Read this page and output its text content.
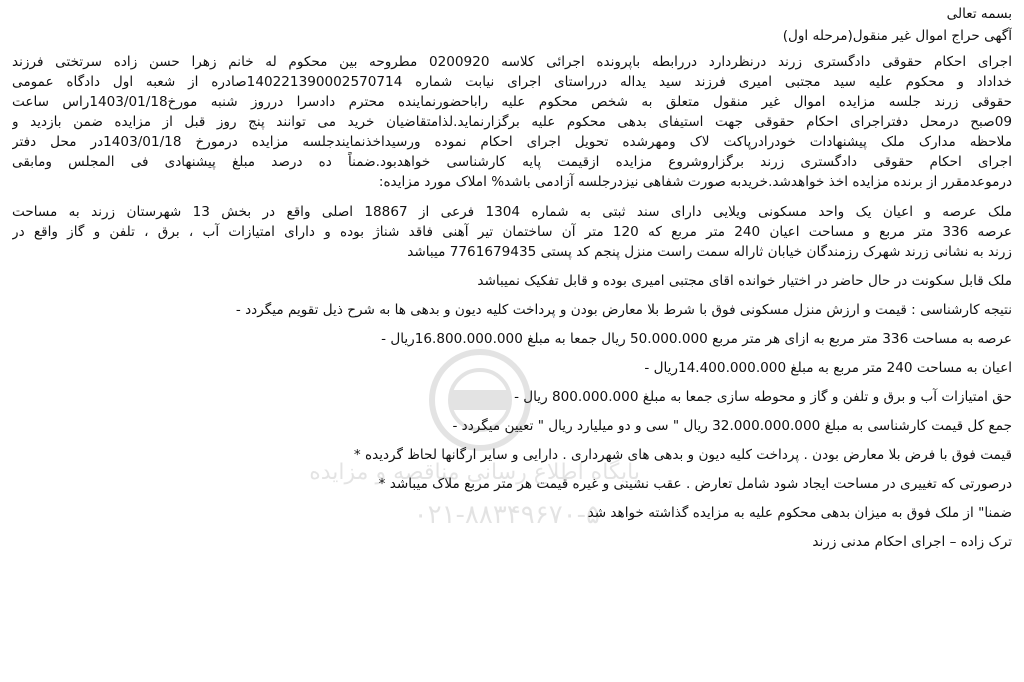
بسمه تعالی
آگهی حراج اموال غیر منقول(مرحله اول)
اجرای احکام حقوقی دادگستری زرند درنظردارد دررابطه باپرونده اجرائی کلاسه 0200920 مطروحه بین محکوم له خانم زهرا حسن زاده سرتختی فرزند
خداداد و محکوم علیه سید مجتبی امیری فرزند سید یداله درراستای اجرای نیابت شماره 140221390002570714صادره از شعبه اول دادگاه عمومی
حقوقی زرند جلسه مزایده اموال غیر منقول متعلق به شخص محکوم علیه راباحضورنماینده محترم دادسرا درروز شنبه مورخ1403/01/18راس ساعت
09صبح درمحل دفتراجرای احکام حقوقی جهت استیفای بدهی محکوم علیه برگزارنماید.لذامتقاضیان خرید می توانند پنج روز قبل از مزایده ضمن بازدید و
ملاحظه مدارک ملک پیشنهادات خودرادرپاکت لاک ومهرشده تحویل اجرای احکام نموده ورسیداخذنمایندجلسه مزایده درمورخ 1403/01/18در محل دفتر
اجرای احکام حقوقی دادگستری زرند برگزاروشروع مزایده ازقیمت پایه کارشناسی خواهدبود.ضمناً ده درصد مبلغ پیشنهادی فی المجلس ومابقی
درموعدمقرر از برنده مزایده اخذ خواهدشد.خریدبه صورت شفاهی نیزدرجلسه آزادمی باشد% املاک مورد مزایده:
ملک عرصه و اعیان یک واحد مسکونی ویلایی دارای سند ثبتی به شماره 1304 فرعی از 18867 اصلی واقع در بخش 13 شهرستان زرند به مساحت
عرصه 336 متر مربع و مساحت اعیان 240 متر مربع که 120 متر آن ساختمان تیر آهنی فاقد شناژ بوده و دارای امتیازات آب ، برق ، تلفن و گاز واقع در
زرند به نشانی زرند شهرک رزمندگان خیابان ثاراله سمت راست منزل پنجم کد پستی 7761679435 میباشد
ملک قابل سکونت در حال حاضر در اختیار خوانده اقای مجتبی امیری بوده و قابل تفکیک نمیباشد
نتیجه کارشناسی : قیمت و ارزش منزل مسکونی فوق با شرط بلا معارض بودن و پرداخت کلیه دیون و بدهی ها به شرح ذیل تقویم میگردد -
عرصه به مساحت 336 متر مربع به ازای هر متر مربع 50.000.000 ریال جمعا به مبلغ 16.800.000.000ریال -
اعیان به مساحت 240 متر مربع به مبلغ 14.400.000.000ریال -
حق امتیازات آب و برق و تلفن و گاز و محوطه سازی جمعا به مبلغ 800.000.000 ریال -
جمع کل قیمت کارشناسی به مبلغ 32.000.000.000 ریال " سی و دو میلیارد ریال " تعیین میگردد -
قیمت فوق با فرض بلا معارض بودن . پرداخت کلیه دیون و بدهی های شهرداری . دارایی و سایر ارگانها لحاظ گردیده *
درصورتی که تغییری در مساحت ایجاد شود شامل تعارض . عقب نشینی و غیره قیمت هر متر مربع ملاک میباشد *
ضمنا" از ملک فوق به میزان بدهی محکوم علیه به مزایده گذاشته خواهد شد
ترک زاده – اجرای احکام مدنی زرند
پایگاه اطلاع رسانی مناقصه و مزایده
۰۲۱-۸۸۳۴۹۶۷۰-۵
